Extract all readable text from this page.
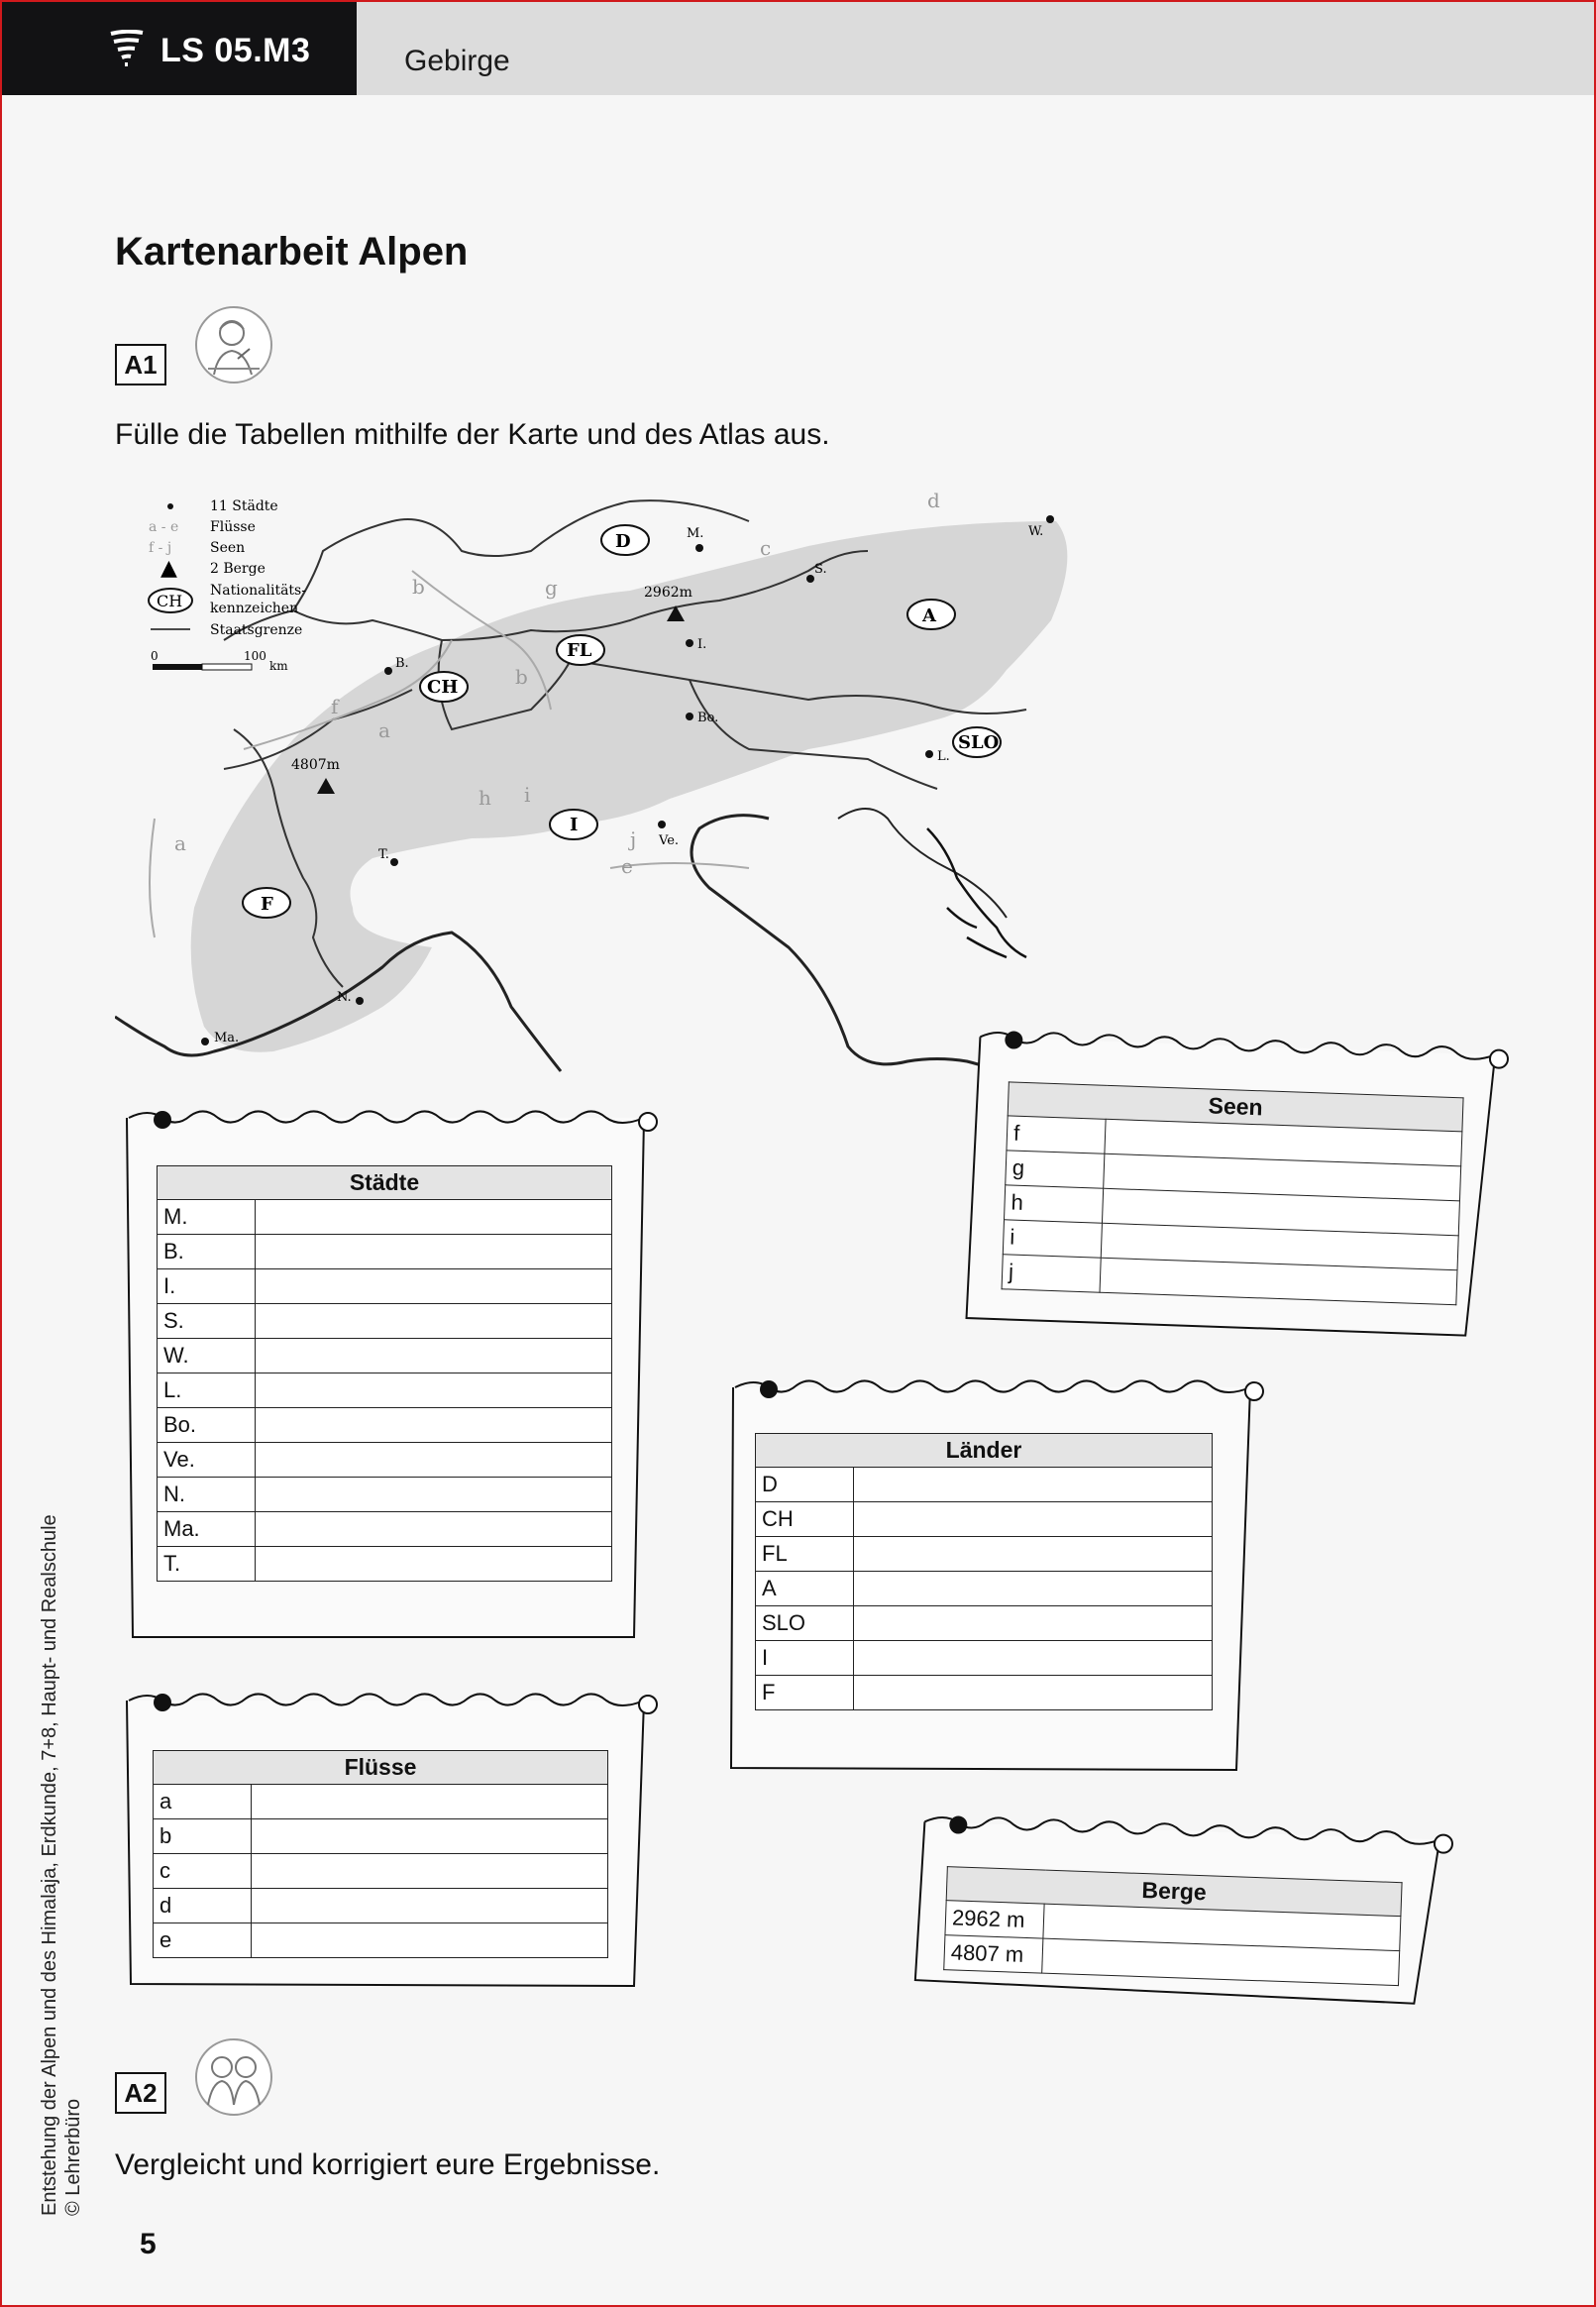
LS 05.M3	Gebirge
Kartenarbeit Alpen
A1
Fülle die Tabellen mithilfe der Karte und des Atlas aus.
11 Städte
a - e Flüsse
f - j	Seen
▲ 2 Berge
CH
Nationalitäts-
kennzeichen
Staatsgrenze
0	100
km
D
CH
FL
A
SLO
I
F
M.	W.
S.
I.
B.
Bo.
L.
Ve.
T.
N.
Ma.
2962m
4807m
a
b
c
d
e
a
b
f
g
h i
j
Städte	
M.	
B.	
I.	
S.	
W.	
L.	
Bo.	
Ve.	
N.	
Ma.	
T.	
Flüsse	
a	
b	
c	
d	
e	
Seen	
f	
g	
h	
i	
j	
Länder	
D	
CH	
FL	
A	
SLO	
I	
F	
Berge	
2962 m	
4807 m	
A2
Vergleicht und korrigiert eure Ergebnisse.
Entstehung der Alpen und des Himalaja, Erdkunde, 7+8, Haupt- und Realschule © Lehrerbüro
5
